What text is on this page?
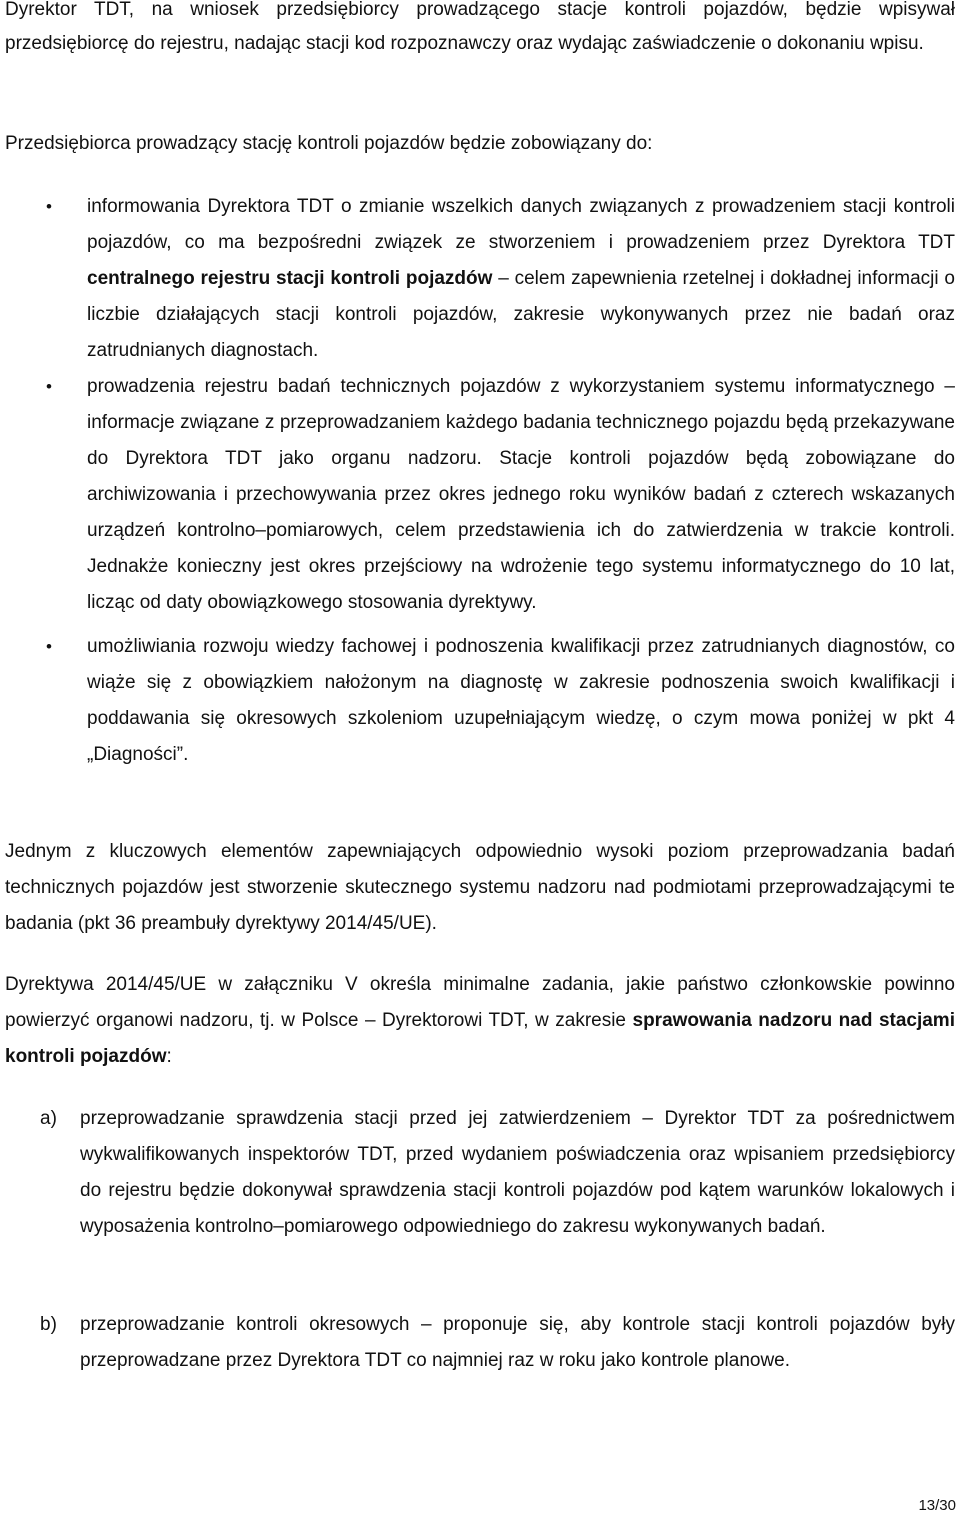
Dyrektor TDT, na wniosek przedsiębiorcy prowadzącego stacje kontroli pojazdów, będzie wpisywał przedsiębiorcę do rejestru, nadając stacji kod rozpoznawczy oraz wydając zaświadczenie o dokonaniu wpisu.

Przedsiębiorca prowadzący stację kontroli pojazdów będzie zobowiązany do:

• informowania Dyrektora TDT o zmianie wszelkich danych związanych z prowadzeniem stacji kontroli pojazdów, co ma bezpośredni związek ze stworzeniem i prowadzeniem przez Dyrektora TDT centralnego rejestru stacji kontroli pojazdów – celem zapewnienia rzetelnej i dokładnej informacji o liczbie działających stacji kontroli pojazdów, zakresie wykonywanych przez nie badań oraz zatrudnianych diagnostach.
• prowadzenia rejestru badań technicznych pojazdów z wykorzystaniem systemu informatycznego – informacje związane z przeprowadzaniem każdego badania technicznego pojazdu będą przekazywane do Dyrektora TDT jako organu nadzoru. Stacje kontroli pojazdów będą zobowiązane do archiwizowania i przechowywania przez okres jednego roku wyników badań z czterech wskazanych urządzeń kontrolno–pomiarowych, celem przedstawienia ich do zatwierdzenia w trakcie kontroli. Jednakże konieczny jest okres przejściowy na wdrożenie tego systemu informatycznego do 10 lat, licząc od daty obowiązkowego stosowania dyrektywy.
• umożliwiania rozwoju wiedzy fachowej i podnoszenia kwalifikacji przez zatrudnianych diagnostów, co wiąże się z obowiązkiem nałożonym na diagnostę w zakresie podnoszenia swoich kwalifikacji i poddawania się okresowych szkoleniom uzupełniającym wiedzę, o czym mowa poniżej w pkt 4 „Diagności”.

Jednym z kluczowych elementów zapewniających odpowiednio wysoki poziom przeprowadzania badań technicznych pojazdów jest stworzenie skutecznego systemu nadzoru nad podmiotami przeprowadzającymi te badania (pkt 36 preambuły dyrektywy 2014/45/UE).

Dyrektywa 2014/45/UE w załączniku V określa minimalne zadania, jakie państwo członkowskie powinno powierzyć organowi nadzoru, tj. w Polsce – Dyrektorowi TDT, w zakresie sprawowania nadzoru nad stacjami kontroli pojazdów:

a) przeprowadzanie sprawdzenia stacji przed jej zatwierdzeniem – Dyrektor TDT za pośrednictwem wykwalifikowanych inspektorów TDT, przed wydaniem poświadczenia oraz wpisaniem przedsiębiorcy do rejestru będzie dokonywał sprawdzenia stacji kontroli pojazdów pod kątem warunków lokalowych i wyposażenia kontrolno–pomiarowego odpowiedniego do zakresu wykonywanych badań.
b) przeprowadzanie kontroli okresowych – proponuje się, aby kontrole stacji kontroli pojazdów były przeprowadzane przez Dyrektora TDT co najmniej raz w roku jako kontrole planowe.
13/30
